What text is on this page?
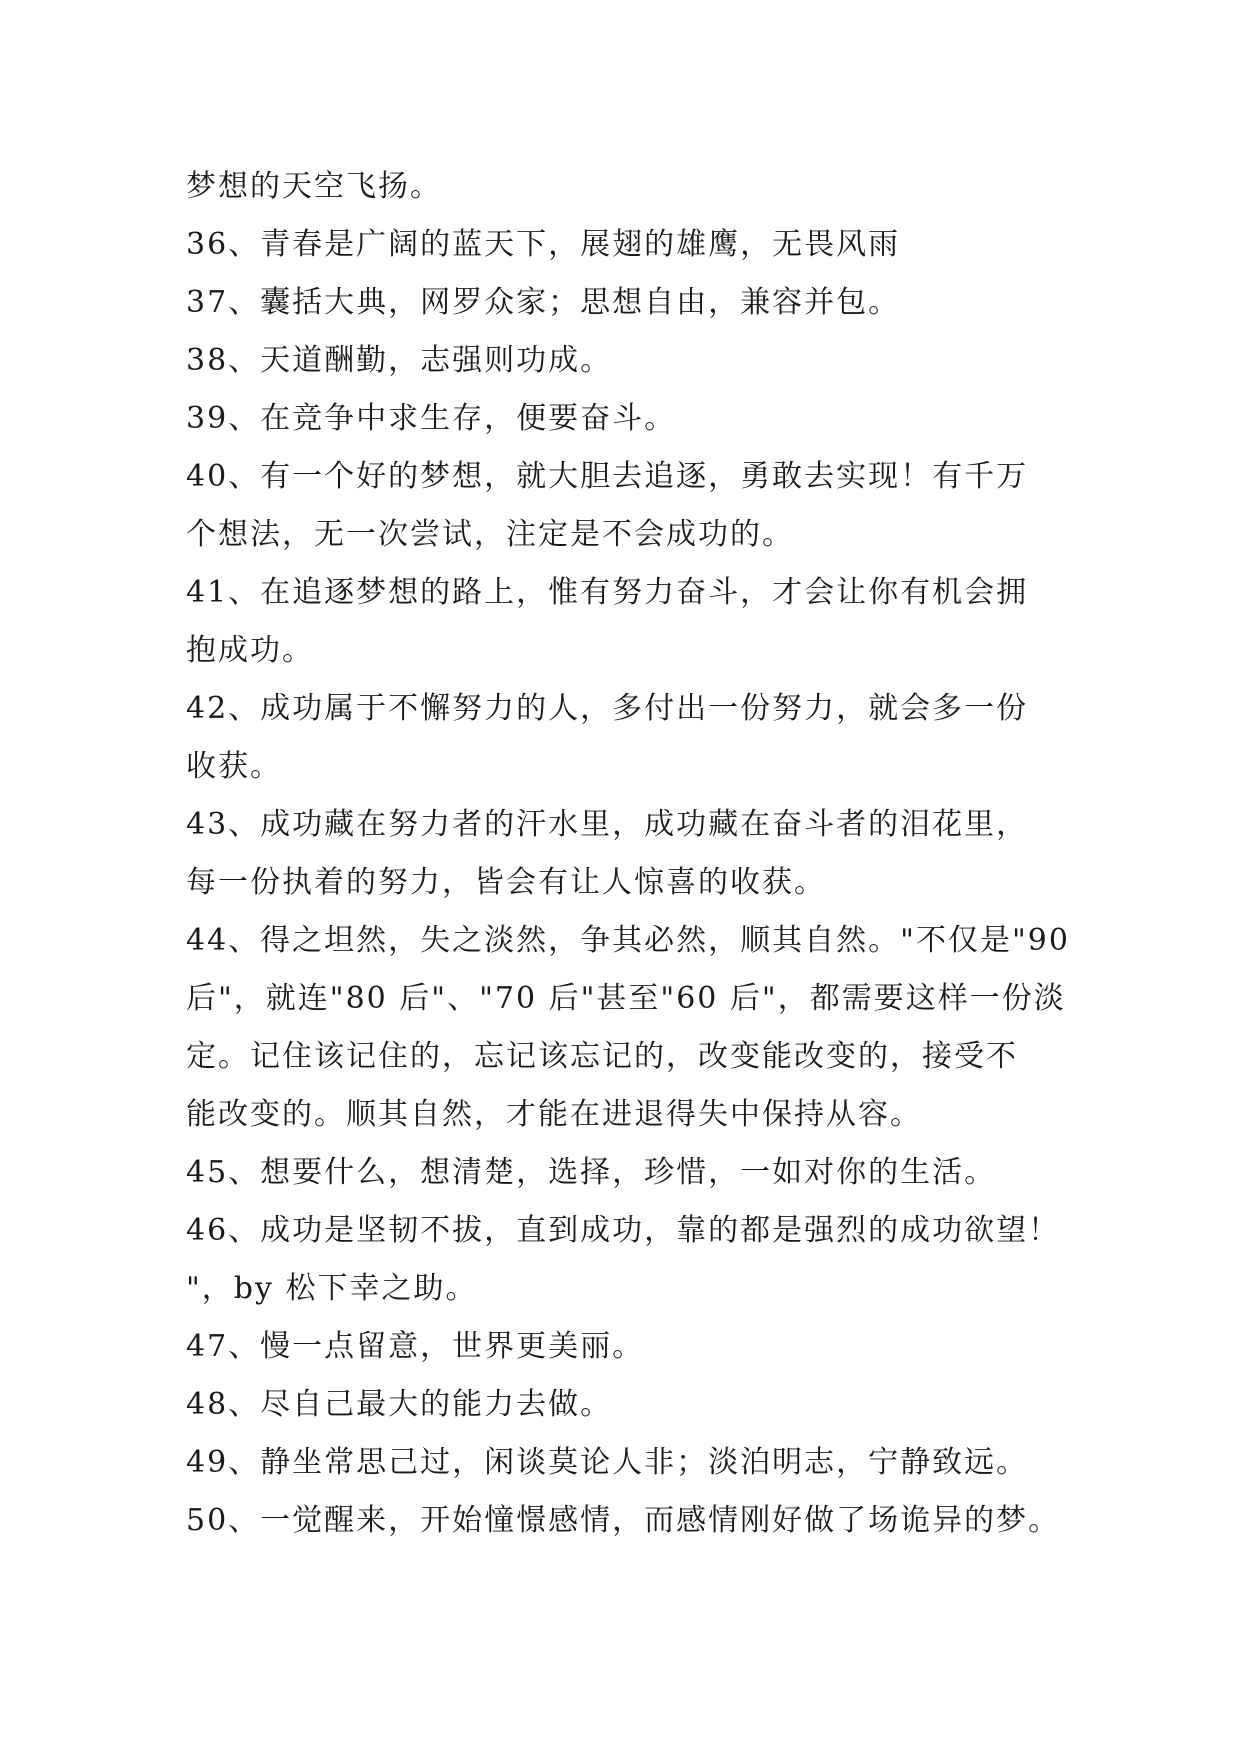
梦想的天空飞扬。
36、青春是广阔的蓝天下，展翅的雄鹰，无畏风雨
37、囊括大典，网罗众家；思想自由，兼容并包。
38、天道酬勤，志强则功成。
39、在竞争中求生存，便要奋斗。
40、有一个好的梦想，就大胆去追逐，勇敢去实现！有千万
个想法，无一次尝试，注定是不会成功的。
41、在追逐梦想的路上，惟有努力奋斗，才会让你有机会拥
抱成功。
42、成功属于不懈努力的人，多付出一份努力，就会多一份
收获。
43、成功藏在努力者的汗水里，成功藏在奋斗者的泪花里，
每一份执着的努力，皆会有让人惊喜的收获。
44、得之坦然，失之淡然，争其必然，顺其自然。"不仅是"90
后"，就连"80 后"、"70 后"甚至"60 后"，都需要这样一份淡
定。记住该记住的，忘记该忘记的，改变能改变的，接受不
能改变的。顺其自然，才能在进退得失中保持从容。
45、想要什么，想清楚，选择，珍惜，一如对你的生活。
46、成功是坚韧不拔，直到成功，靠的都是强烈的成功欲望！
"，by 松下幸之助。
47、慢一点留意，世界更美丽。
48、尽自己最大的能力去做。
49、静坐常思己过，闲谈莫论人非；淡泊明志，宁静致远。
50、一觉醒来，开始憧憬感情，而感情刚好做了场诡异的梦。
